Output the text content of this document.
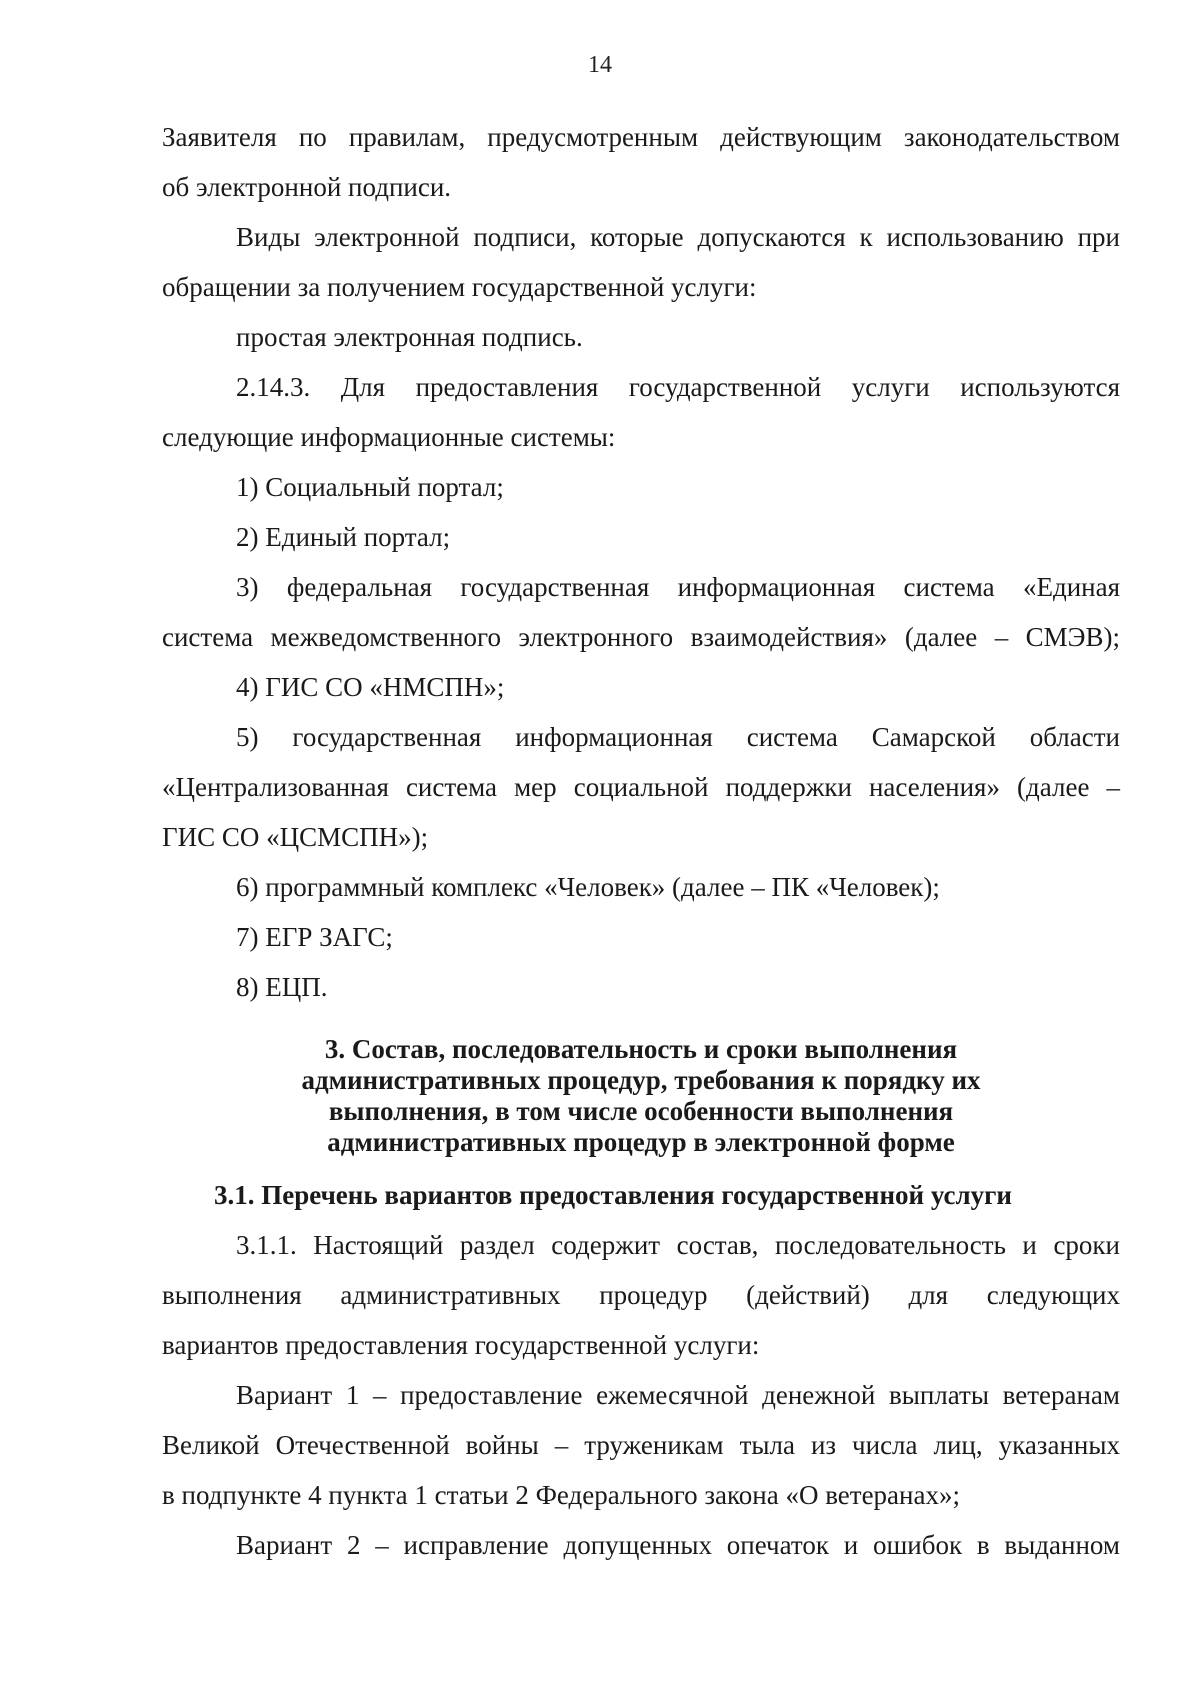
14
Заявителя по правилам, предусмотренным действующим законодательством
об электронной подписи.
Виды электронной подписи, которые допускаются к использованию при
обращении за получением государственной услуги:
простая электронная подпись.
2.14.3. Для предоставления государственной услуги используются
следующие информационные системы:
1) Социальный портал;
2) Единый портал;
3) федеральная государственная информационная система «Единая
система межведомственного электронного взаимодействия» (далее – СМЭВ);
4) ГИС СО «НМСПН»;
5) государственная информационная система Самарской области
«Централизованная система мер социальной поддержки населения» (далее –
ГИС СО «ЦСМСПН»);
6) программный комплекс «Человек» (далее – ПК «Человек);
7) ЕГР ЗАГС;
8) ЕЦП.
3. Состав, последовательность и сроки выполнения
административных процедур, требования к порядку их
выполнения, в том числе особенности выполнения
административных процедур в электронной форме
3.1. Перечень вариантов предоставления государственной услуги
3.1.1. Настоящий раздел содержит состав, последовательность и сроки
выполнения административных процедур (действий) для следующих
вариантов предоставления государственной услуги:
Вариант 1 – предоставление ежемесячной денежной выплаты ветеранам
Великой Отечественной войны – труженикам тыла из числа лиц, указанных
в подпункте 4 пункта 1 статьи 2 Федерального закона «О ветеранах»;
Вариант 2 – исправление допущенных опечаток и ошибок в выданном
